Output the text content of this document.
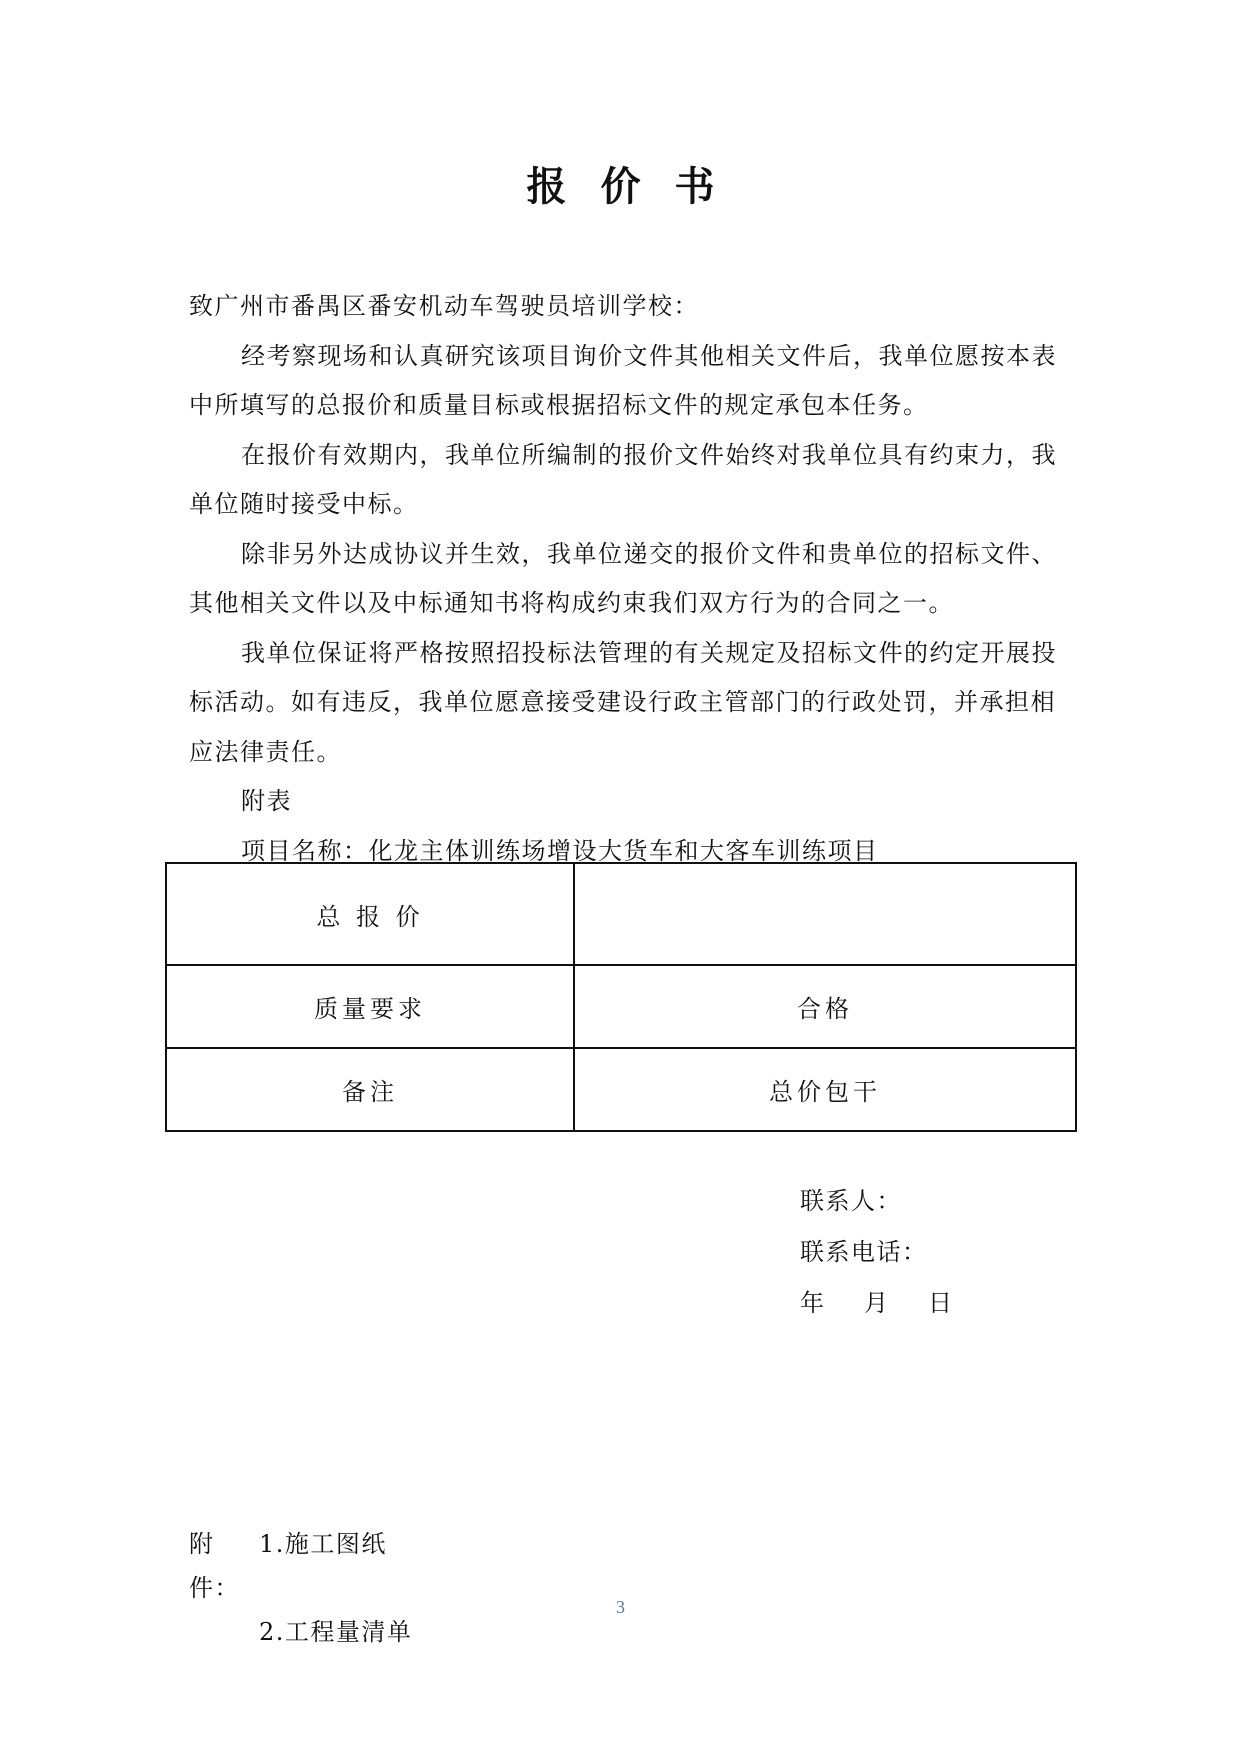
报价书

致广州市番禺区番安机动车驾驶员培训学校：

经考察现场和认真研究该项目询价文件其他相关文件后，我单位愿按本表中所填写的总报价和质量目标或根据招标文件的规定承包本任务。

在报价有效期内，我单位所编制的报价文件始终对我单位具有约束力，我单位随时接受中标。

除非另外达成协议并生效，我单位递交的报价文件和贵单位的招标文件、其他相关文件以及中标通知书将构成约束我们双方行为的合同之一。

我单位保证将严格按照招投标法管理的有关规定及招标文件的约定开展投标活动。如有违反，我单位愿意接受建设行政主管部门的行政处罚，并承担相应法律责任。

附表

项目名称：化龙主体训练场增设大货车和大客车训练项目

总 报 价	
质量要求	合格
备注	总价包干
联系人：
联系电话：
年 月 日
附件：
1.施工图纸
2.工程量清单
3
